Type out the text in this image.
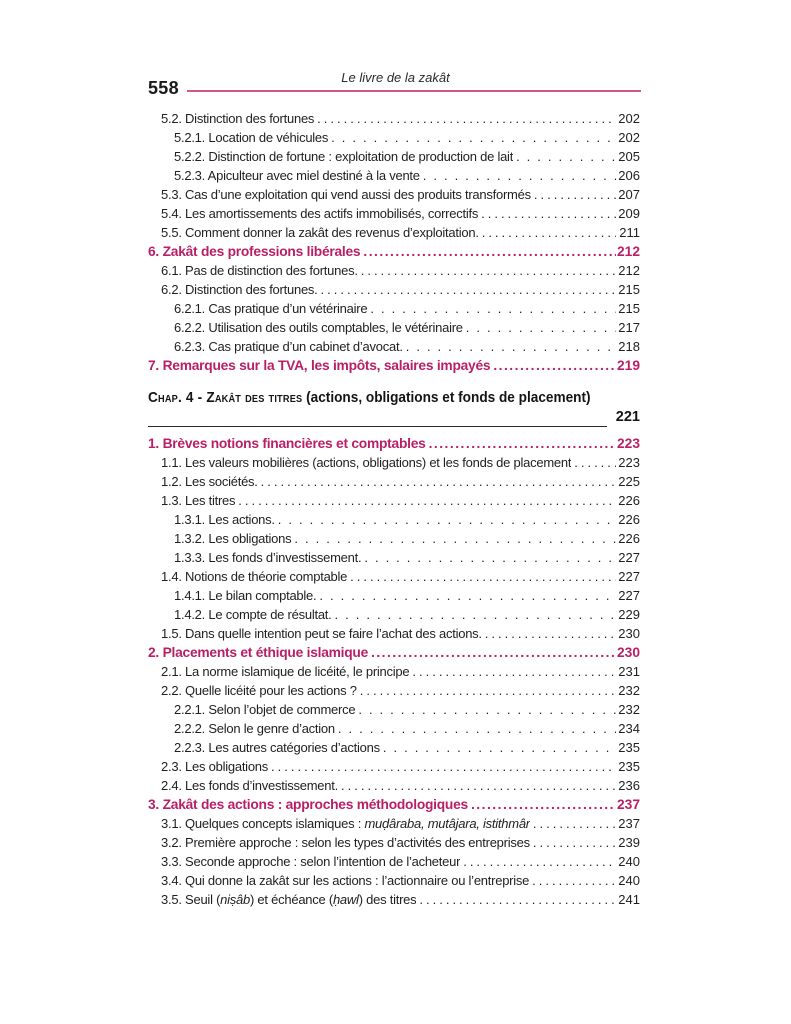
558
Le livre de la zakât
5.2. Distinction des fortunes .....	202
5.2.1. Location de véhicules .....	202
5.2.2. Distinction de fortune : exploitation de production de lait .....	205
5.2.3. Apiculteur avec miel destiné à la vente .....	206
5.3. Cas d’une exploitation qui vend aussi des produits transformés .....	207
5.4. Les amortissements des actifs immobilisés, correctifs .....	209
5.5. Comment donner la zakât des revenus d’exploitation. .....	211
6. Zakât des professions libérales .....	212
6.1. Pas de distinction des fortunes. .....	212
6.2. Distinction des fortunes. .....	215
6.2.1. Cas pratique d’un vétérinaire .....	215
6.2.2. Utilisation des outils comptables, le vétérinaire .....	217
6.2.3. Cas pratique d’un cabinet d’avocat. .....	218
7. Remarques sur la TVA, les impôts, salaires impayés .....	219
Chap. 4 - Zakât des titres (actions, obligations et fonds de placement)
221
1. Brèves notions financières et comptables .....	223
1.1. Les valeurs mobilières (actions, obligations) et les fonds de placement .....	223
1.2. Les sociétés. .....	225
1.3. Les titres .....	226
1.3.1. Les actions. .....	226
1.3.2. Les obligations .....	226
1.3.3. Les fonds d’investissement. .....	227
1.4. Notions de théorie comptable .....	227
1.4.1. Le bilan comptable. .....	227
1.4.2. Le compte de résultat. .....	229
1.5. Dans quelle intention peut se faire l’achat des actions. .....	230
2. Placements et éthique islamique .....	230
2.1. La norme islamique de licéité, le principe .....	231
2.2. Quelle licéité pour les actions ? .....	232
2.2.1. Selon l’objet de commerce .....	232
2.2.2. Selon le genre d’action .....	234
2.2.3. Les autres catégories d’actions .....	235
2.3. Les obligations .....	235
2.4. Les fonds d’investissement. .....	236
3. Zakât des actions : approches méthodologiques .....	237
3.1. Quelques concepts islamiques : muḍâraba, mutâjara, istithmâr .....	237
3.2. Première approche : selon les types d’activités des entreprises .....	239
3.3. Seconde approche : selon l’intention de l’acheteur .....	240
3.4. Qui donne la zakât sur les actions : l’actionnaire ou l’entreprise .....	240
3.5. Seuil (niṣâb) et échéance (ḥawl) des titres .....	241
